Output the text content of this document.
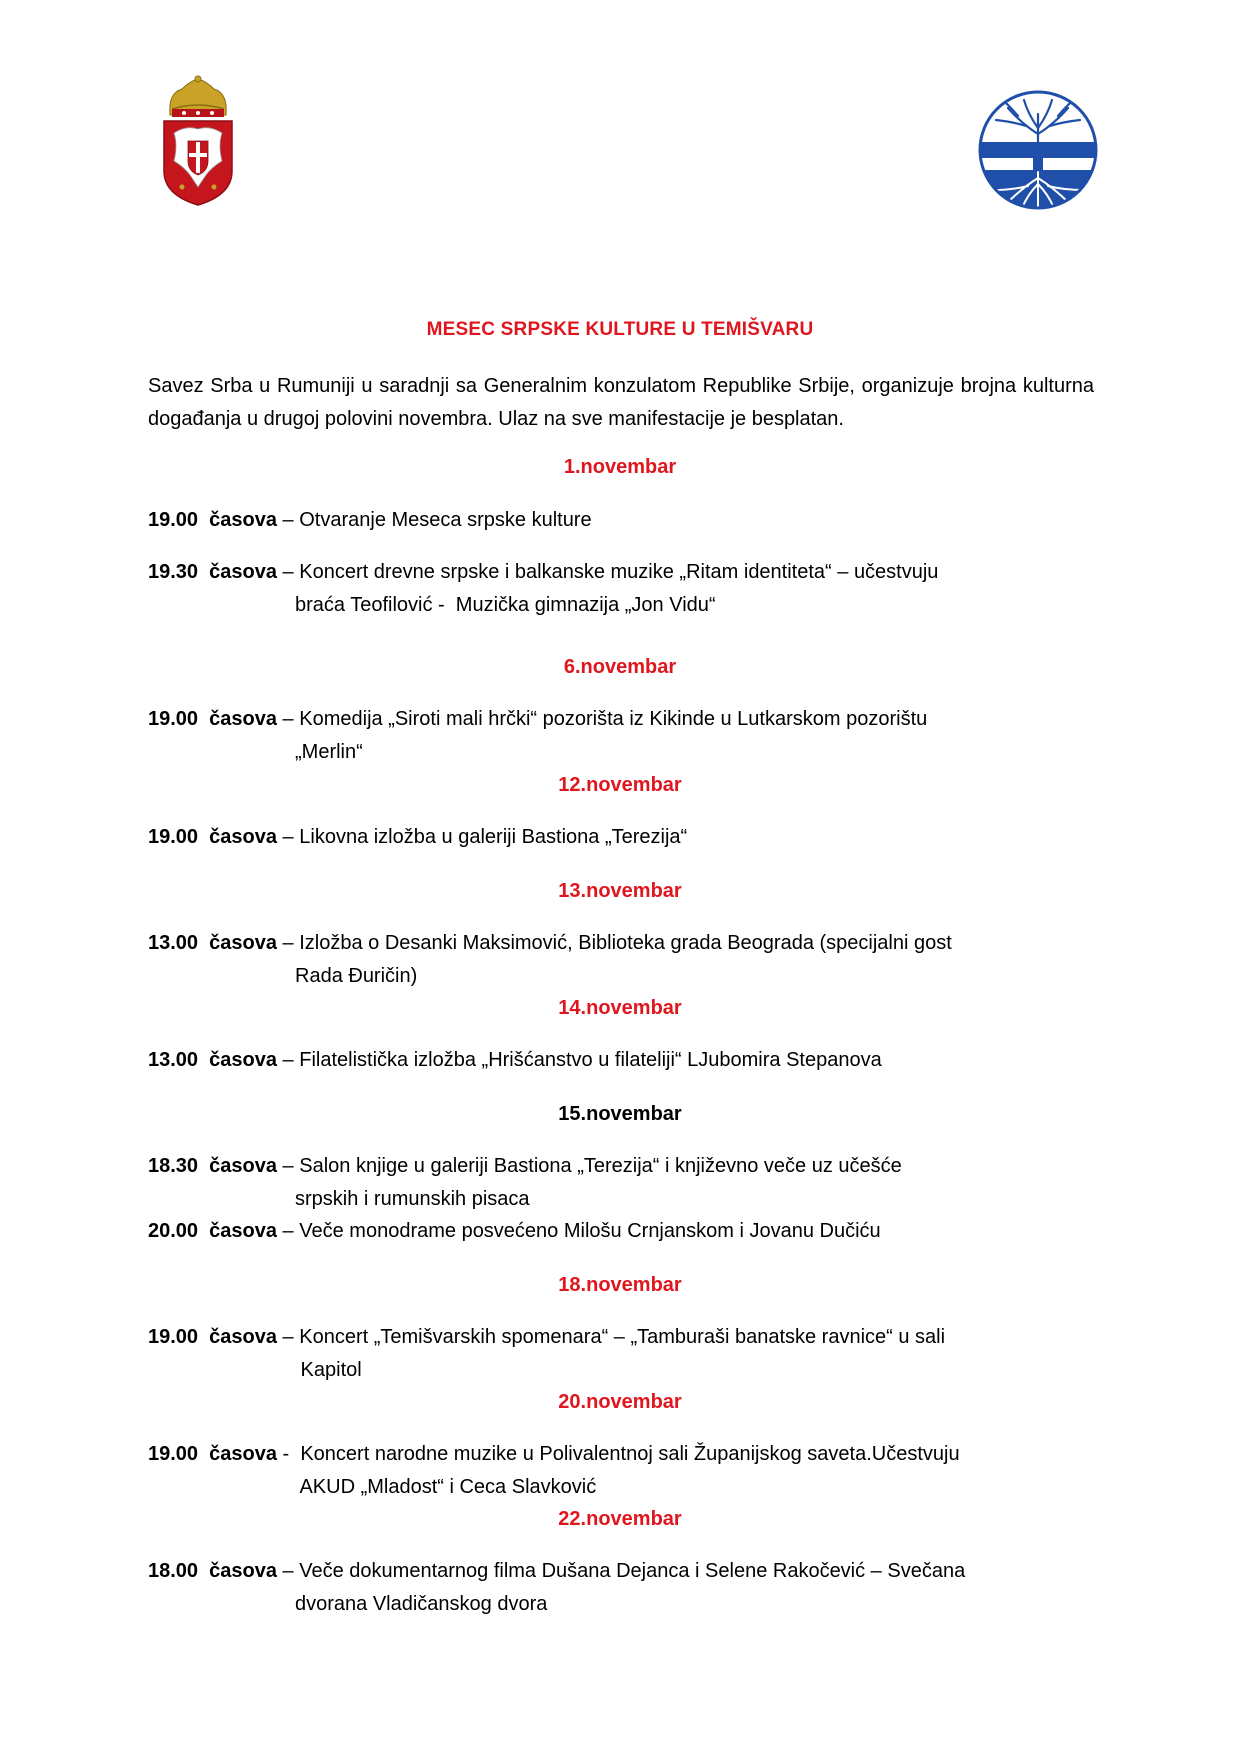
MESEC SRPSKE KULTURE U TEMIŠVARU
Savez Srba u Rumuniji u saradnji sa Generalnim konzulatom Republike Srbije, organizuje brojna kulturna događanja u drugoj polovini novembra. Ulaz na sve manifestacije je besplatan.
1.novembar
6.novembar
12.novembar
13.novembar
14.novembar
15.novembar
18.novembar
20.novembar
22.novembar
19.00  časova – Otvaranje Meseca srpske kulture
19.30  časova – Koncert drevne srpske i balkanske muzike „Ritam identiteta“ – učestvuju
braća Teofilović -  Muzička gimnazija „Jon Vidu“
19.00  časova – Komedija „Siroti mali hrčki“ pozorišta iz Kikinde u Lutkarskom pozorištu
„Merlin“
19.00  časova – Likovna izložba u galeriji Bastiona „Terezija“
13.00  časova – Izložba o Desanki Maksimović, Biblioteka grada Beograda (specijalni gost
Rada Đuričin)
13.00  časova – Filatelistička izložba „Hrišćanstvo u filateliji“ LJubomira Stepanova
18.30  časova – Salon knjige u galeriji Bastiona „Terezija“ i književno veče uz učešće
srpskih i rumunskih pisaca
20.00  časova – Veče monodrame posvećeno Milošu Crnjanskom i Jovanu Dučiću
19.00  časova – Koncert „Temišvarskih spomenara“ – „Tamburaši banatske ravnice“ u sali
Kapitol
19.00  časova -  Koncert narodne muzike u Polivalentnoj sali Županijskog saveta.Učestvuju
AKUD „Mladost“ i Ceca Slavković
18.00  časova – Veče dokumentarnog filma Dušana Dejanca i Selene Rakočević – Svečana
dvorana Vladičanskog dvora
